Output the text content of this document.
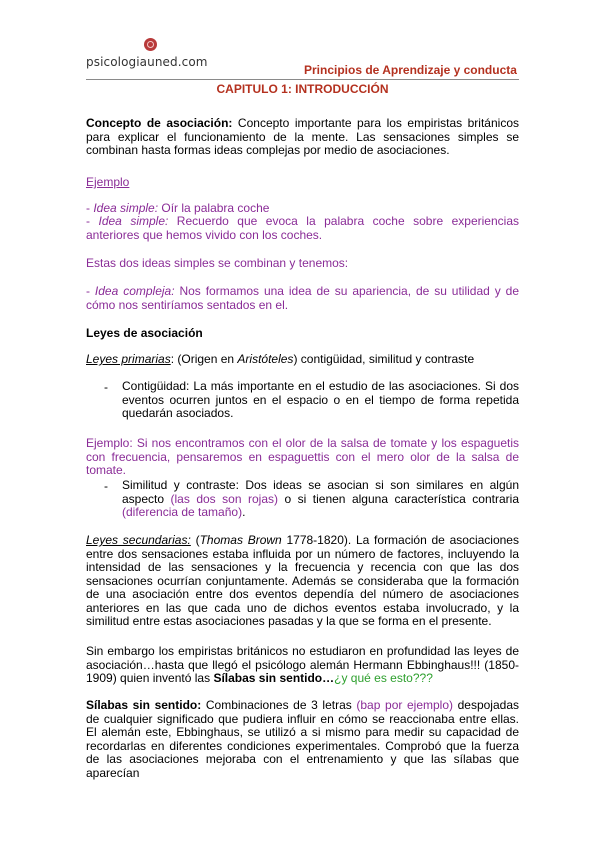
psicologiauned.com
Principios de Aprendizaje y conducta
CAPITULO 1: INTRODUCCIÓN

Concepto de asociación: Concepto importante para los empiristas británicos para explicar el funcionamiento de la mente. Las sensaciones simples se combinan hasta formas ideas complejas por medio de asociaciones.

Ejemplo

- Idea simple: Oír la palabra coche

- Idea simple: Recuerdo que evoca la palabra coche sobre experiencias anteriores que hemos vivido con los coches.

Estas dos ideas simples se combinan y tenemos:

- Idea compleja: Nos formamos una idea de su apariencia, de su utilidad y de cómo nos sentiríamos sentados en el.

Leyes de asociación

Leyes primarias: (Origen en Aristóteles) contigüidad, similitud y contraste

- Contigüidad: La más importante en el estudio de las asociaciones. Si dos eventos ocurren juntos en el espacio o en el tiempo de forma repetida quedarán asociados.

Ejemplo: Si nos encontramos con el olor de la salsa de tomate y los espaguetis con frecuencia, pensaremos en espaguettis con el mero olor de la salsa de tomate.

- Similitud y contraste: Dos ideas se asocian si son similares en algún aspecto (las dos son rojas) o si tienen alguna característica contraria (diferencia de tamaño).

Leyes secundarias: (Thomas Brown 1778-1820). La formación de asociaciones entre dos sensaciones estaba influida por un número de factores, incluyendo la intensidad de las sensaciones y la frecuencia y recencia con que las dos sensaciones ocurrían conjuntamente. Además se consideraba que la formación de una asociación entre dos eventos dependía del número de asociaciones anteriores en las que cada uno de dichos eventos estaba involucrado, y la similitud entre estas asociaciones pasadas y la que se forma en el presente.

Sin embargo los empiristas británicos no estudiaron en profundidad las leyes de asociación…hasta que llegó el psicólogo alemán Hermann Ebbinghaus!!! (1850-1909) quien inventó las Sílabas sin sentido…¿y qué es esto???

Sílabas sin sentido: Combinaciones de 3 letras (bap por ejemplo) despojadas de cualquier significado que pudiera influir en cómo se reaccionaba entre ellas. El alemán este, Ebbinghaus, se utilizó a si mismo para medir su capacidad de recordarlas en diferentes condiciones experimentales. Comprobó que la fuerza de las asociaciones mejoraba con el entrenamiento y que las sílabas que aparecían
